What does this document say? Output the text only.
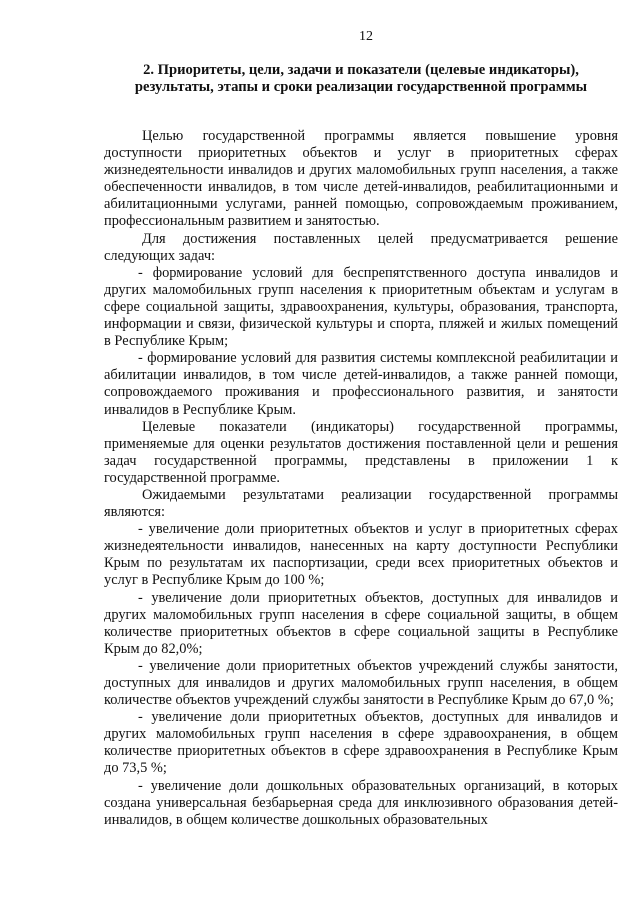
12
2. Приоритеты, цели, задачи и показатели (целевые индикаторы), результаты, этапы и сроки реализации государственной программы

Целью государственной программы является повышение уровня доступности приоритетных объектов и услуг в приоритетных сферах жизнедеятельности инвалидов и других маломобильных групп населения, а также обеспеченности инвалидов, в том числе детей-инвалидов, реабилитационными и абилитационными услугами, ранней помощью, сопровождаемым проживанием, профессиональным развитием и занятостью.

Для достижения поставленных целей предусматривается решение следующих задач:

- формирование условий для беспрепятственного доступа инвалидов и других маломобильных групп населения к приоритетным объектам и услугам в сфере социальной защиты, здравоохранения, культуры, образования, транспорта, информации и связи, физической культуры и спорта, пляжей и жилых помещений в Республике Крым;

- формирование условий для развития системы комплексной реабилитации и абилитации инвалидов, в том числе детей-инвалидов, а также ранней помощи, сопровождаемого проживания и профессионального развития, и занятости инвалидов в Республике Крым.

Целевые показатели (индикаторы) государственной программы, применяемые для оценки результатов достижения поставленной цели и решения задач государственной программы, представлены в приложении 1 к государственной программе.

Ожидаемыми результатами реализации государственной программы являются:

- увеличение доли приоритетных объектов и услуг в приоритетных сферах жизнедеятельности инвалидов, нанесенных на карту доступности Республики Крым по результатам их паспортизации, среди всех приоритетных объектов и услуг в Республике Крым до 100 %;

- увеличение доли приоритетных объектов, доступных для инвалидов и других маломобильных групп населения в сфере социальной защиты, в общем количестве приоритетных объектов в сфере социальной защиты в Республике Крым до 82,0%;

- увеличение доли приоритетных объектов учреждений службы занятости, доступных для инвалидов и других маломобильных групп населения, в общем количестве объектов учреждений службы занятости в Республике Крым до 67,0 %;

- увеличение доли приоритетных объектов, доступных для инвалидов и других маломобильных групп населения в сфере здравоохранения, в общем количестве приоритетных объектов в сфере здравоохранения в Республике Крым до 73,5 %;

- увеличение доли дошкольных образовательных организаций, в которых создана универсальная безбарьерная среда для инклюзивного образования детей-инвалидов, в общем количестве дошкольных образовательных
